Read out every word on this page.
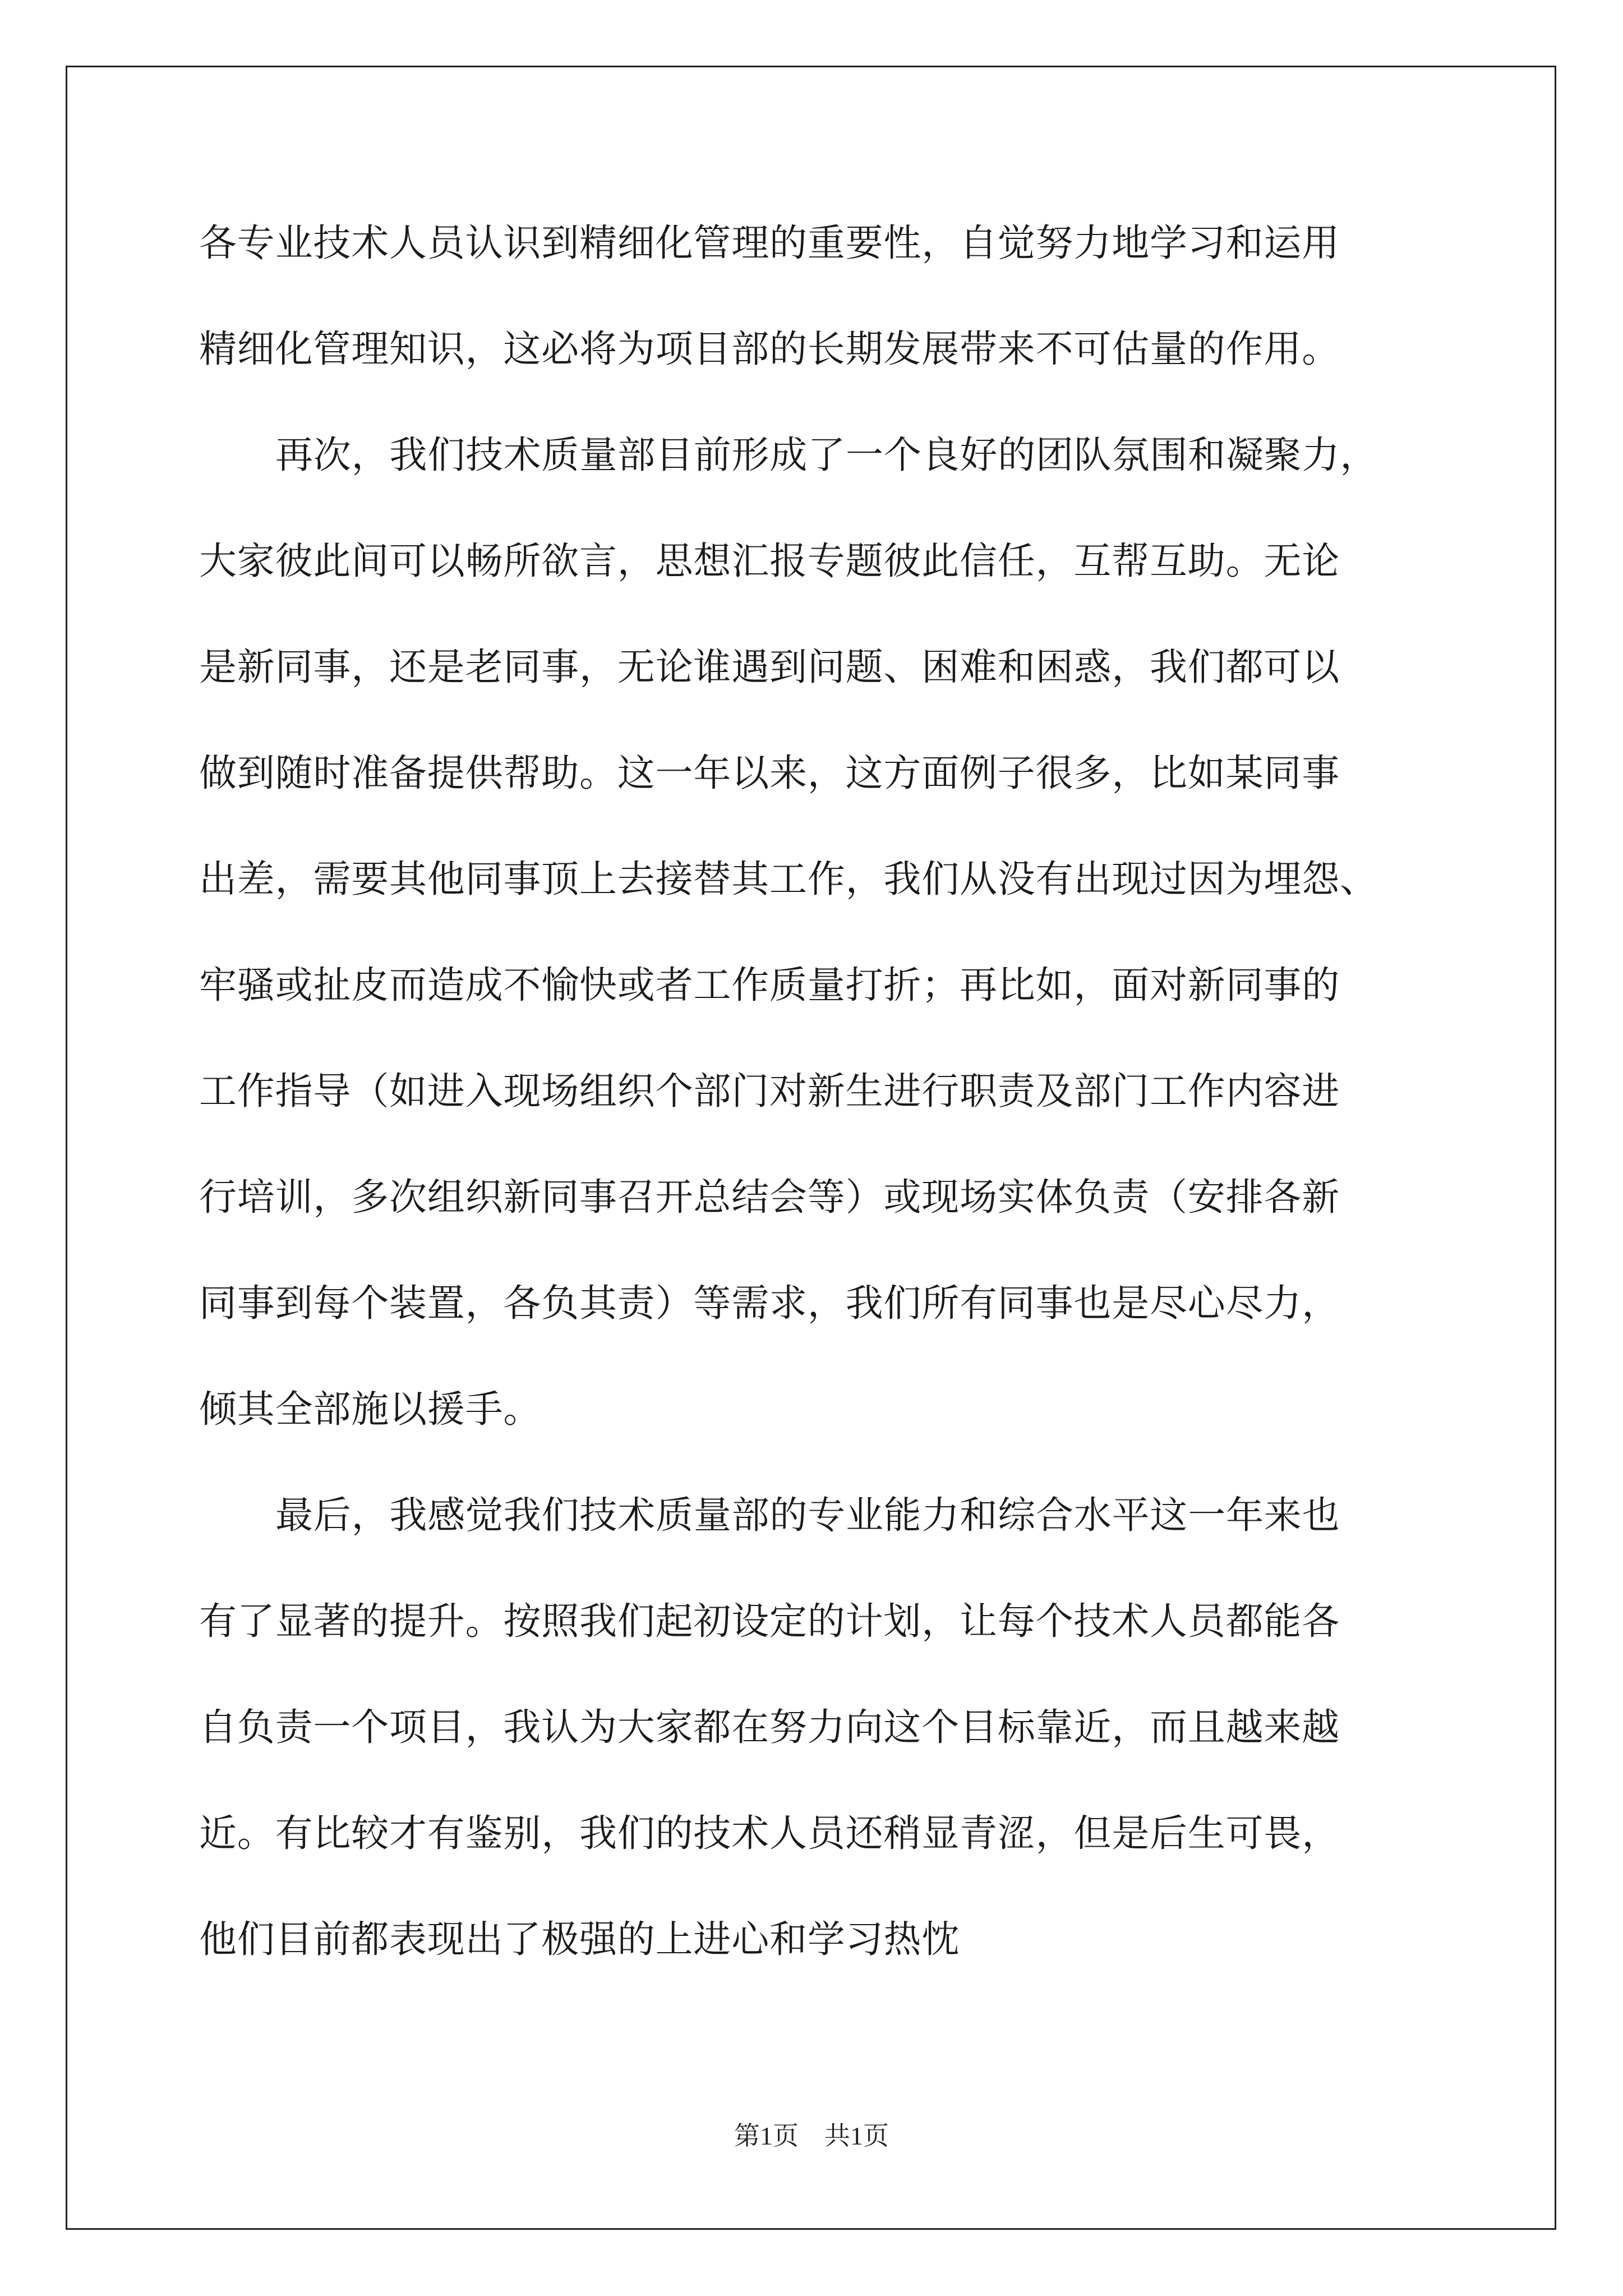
各专业技术人员认识到精细化管理的重要性，自觉努力地学习和运用
精细化管理知识，这必将为项目部的长期发展带来不可估量的作用。
再次，我们技术质量部目前形成了一个良好的团队氛围和凝聚力，
大家彼此间可以畅所欲言，思想汇报专题彼此信任，互帮互助。无论
是新同事，还是老同事，无论谁遇到问题、困难和困惑，我们都可以
做到随时准备提供帮助。这一年以来，这方面例子很多，比如某同事
出差，需要其他同事顶上去接替其工作，我们从没有出现过因为埋怨、
牢骚或扯皮而造成不愉快或者工作质量打折；再比如，面对新同事的
工作指导（如进入现场组织个部门对新生进行职责及部门工作内容进
行培训，多次组织新同事召开总结会等）或现场实体负责（安排各新
同事到每个装置，各负其责）等需求，我们所有同事也是尽心尽力，
倾其全部施以援手。
最后，我感觉我们技术质量部的专业能力和综合水平这一年来也
有了显著的提升。按照我们起初设定的计划，让每个技术人员都能各
自负责一个项目，我认为大家都在努力向这个目标靠近，而且越来越
近。有比较才有鉴别，我们的技术人员还稍显青涩，但是后生可畏，
他们目前都表现出了极强的上进心和学习热忱
第1页　共1页
